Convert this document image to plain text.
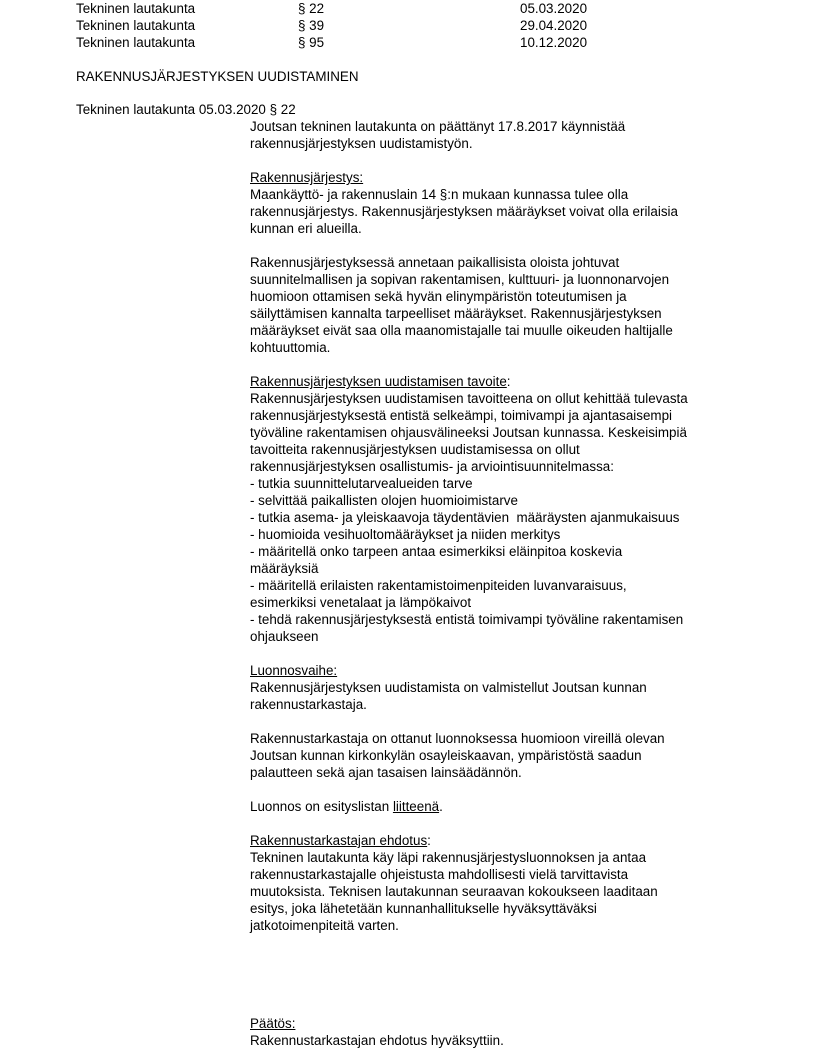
Tekninen lautakunta	§ 22	05.03.2020
Tekninen lautakunta	§ 39	29.04.2020
Tekninen lautakunta	§ 95	10.12.2020
RAKENNUSJÄRJESTYKSEN UUDISTAMINEN
Tekninen lautakunta 05.03.2020 § 22
Joutsan tekninen lautakunta on päättänyt 17.8.2017 käynnistää
rakennusjärjestyksen uudistamistyön.
Rakennusjärjestys:
Maankäyttö- ja rakennuslain 14 §:n mukaan kunnassa tulee olla
rakennusjärjestys. Rakennusjärjestyksen määräykset voivat olla erilaisia
kunnan eri alueilla.
Rakennusjärjestyksessä annetaan paikallisista oloista johtuvat
suunnitelmallisen ja sopivan rakentamisen, kulttuuri- ja luonnonarvojen
huomioon ottamisen sekä hyvän elinympäristön toteutumisen ja
säilyttämisen kannalta tarpeelliset määräykset. Rakennusjärjestyksen
määräykset eivät saa olla maanomistajalle tai muulle oikeuden haltijalle
kohtuuttomia.
Rakennusjärjestyksen uudistamisen tavoite:
Rakennusjärjestyksen uudistamisen tavoitteena on ollut kehittää tulevasta
rakennusjärjestyksestä entistä selkeämpi, toimivampi ja ajantasaisempi
työväline rakentamisen ohjausvälineeksi Joutsan kunnassa. Keskeisimpiä
tavoitteita rakennusjärjestyksen uudistamisessa on ollut
rakennusjärjestyksen osallistumis- ja arviointisuunnitelmassa:
- tutkia suunnittelutarvealueiden tarve
- selvittää paikallisten olojen huomioimistarve
- tutkia asema- ja yleiskaavoja täydentävien  määräysten ajanmukaisuus
- huomioida vesihuoltomääräykset ja niiden merkitys
- määritellä onko tarpeen antaa esimerkiksi eläinpitoa koskevia
määräyksiä
- määritellä erilaisten rakentamistoimenpiteiden luvanvaraisuus,
esimerkiksi venetalaat ja lämpökaivot
- tehdä rakennusjärjestyksestä entistä toimivampi työväline rakentamisen
ohjaukseen
Luonnosvaihe:
Rakennusjärjestyksen uudistamista on valmistellut Joutsan kunnan
rakennustarkastaja.
Rakennustarkastaja on ottanut luonnoksessa huomioon vireillä olevan
Joutsan kunnan kirkonkylän osayleiskaavan, ympäristöstä saadun
palautteen sekä ajan tasaisen lainsäädännön.
Luonnos on esityslistan liitteenä.
Rakennustarkastajan ehdotus:
Tekninen lautakunta käy läpi rakennusjärjestysluonnoksen ja antaa
rakennustarkastajalle ohjeistusta mahdollisesti vielä tarvittavista
muutoksista. Teknisen lautakunnan seuraavan kokoukseen laaditaan
esitys, joka lähetetään kunnanhallitukselle hyväksyttäväksi
jatkotoimenpiteitä varten.
Päätös:
Rakennustarkastajan ehdotus hyväksyttiin.
